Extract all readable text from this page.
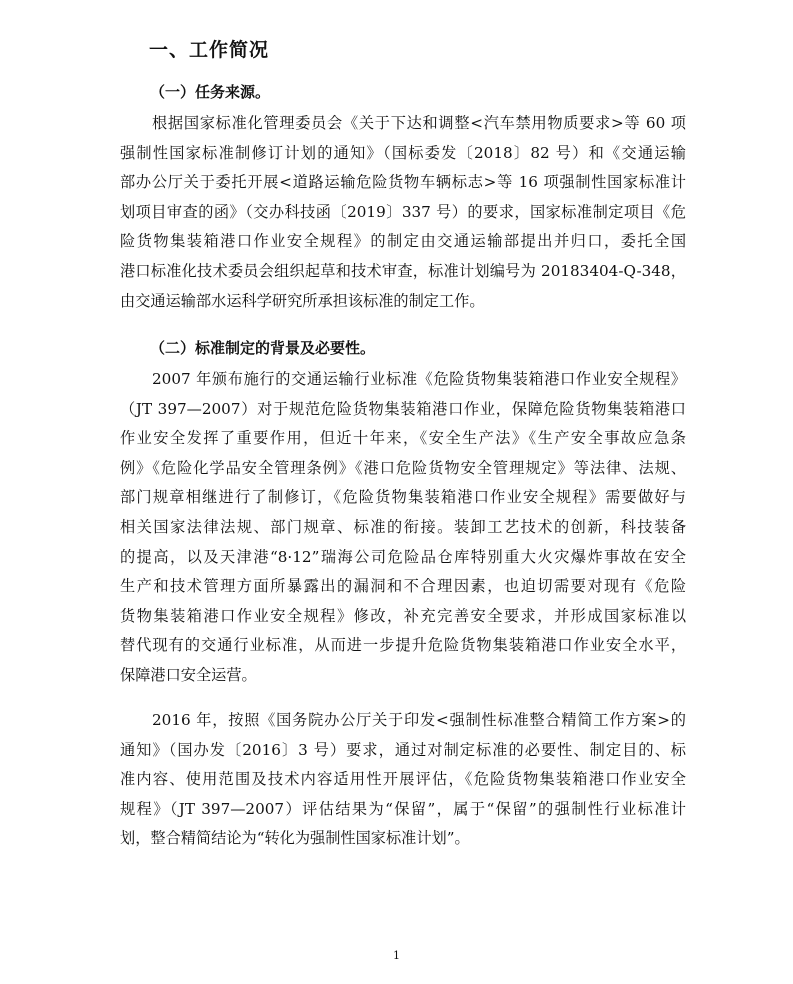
一、工作简况
（一）任务来源。
根据国家标准化管理委员会《关于下达和调整<汽车禁用物质要求>等 60 项
强制性国家标准制修订计划的通知》（国标委发〔2018〕82 号）和《交通运输
部办公厅关于委托开展<道路运输危险货物车辆标志>等 16 项强制性国家标准计
划项目审查的函》（交办科技函〔2019〕337 号）的要求，国家标准制定项目《危
险货物集装箱港口作业安全规程》的制定由交通运输部提出并归口，委托全国
港口标准化技术委员会组织起草和技术审查，标准计划编号为 20183404-Q-348，
由交通运输部水运科学研究所承担该标准的制定工作。
（二）标准制定的背景及必要性。
2007 年颁布施行的交通运输行业标准《危险货物集装箱港口作业安全规程》
（JT 397—2007）对于规范危险货物集装箱港口作业，保障危险货物集装箱港口
作业安全发挥了重要作用，但近十年来，《安全生产法》《生产安全事故应急条
例》《危险化学品安全管理条例》《港口危险货物安全管理规定》等法律、法规、
部门规章相继进行了制修订，《危险货物集装箱港口作业安全规程》需要做好与
相关国家法律法规、部门规章、标准的衔接。装卸工艺技术的创新，科技装备
的提高，以及天津港“8·12”瑞海公司危险品仓库特别重大火灾爆炸事故在安全
生产和技术管理方面所暴露出的漏洞和不合理因素，也迫切需要对现有《危险
货物集装箱港口作业安全规程》修改，补充完善安全要求，并形成国家标准以
替代现有的交通行业标准，从而进一步提升危险货物集装箱港口作业安全水平，
保障港口安全运营。
2016 年，按照《国务院办公厅关于印发<强制性标准整合精简工作方案>的
通知》（国办发〔2016〕3 号）要求，通过对制定标准的必要性、制定目的、标
准内容、使用范围及技术内容适用性开展评估，《危险货物集装箱港口作业安全
规程》（JT 397—2007）评估结果为“保留”，属于“保留”的强制性行业标准计
划，整合精简结论为“转化为强制性国家标准计划”。
1
